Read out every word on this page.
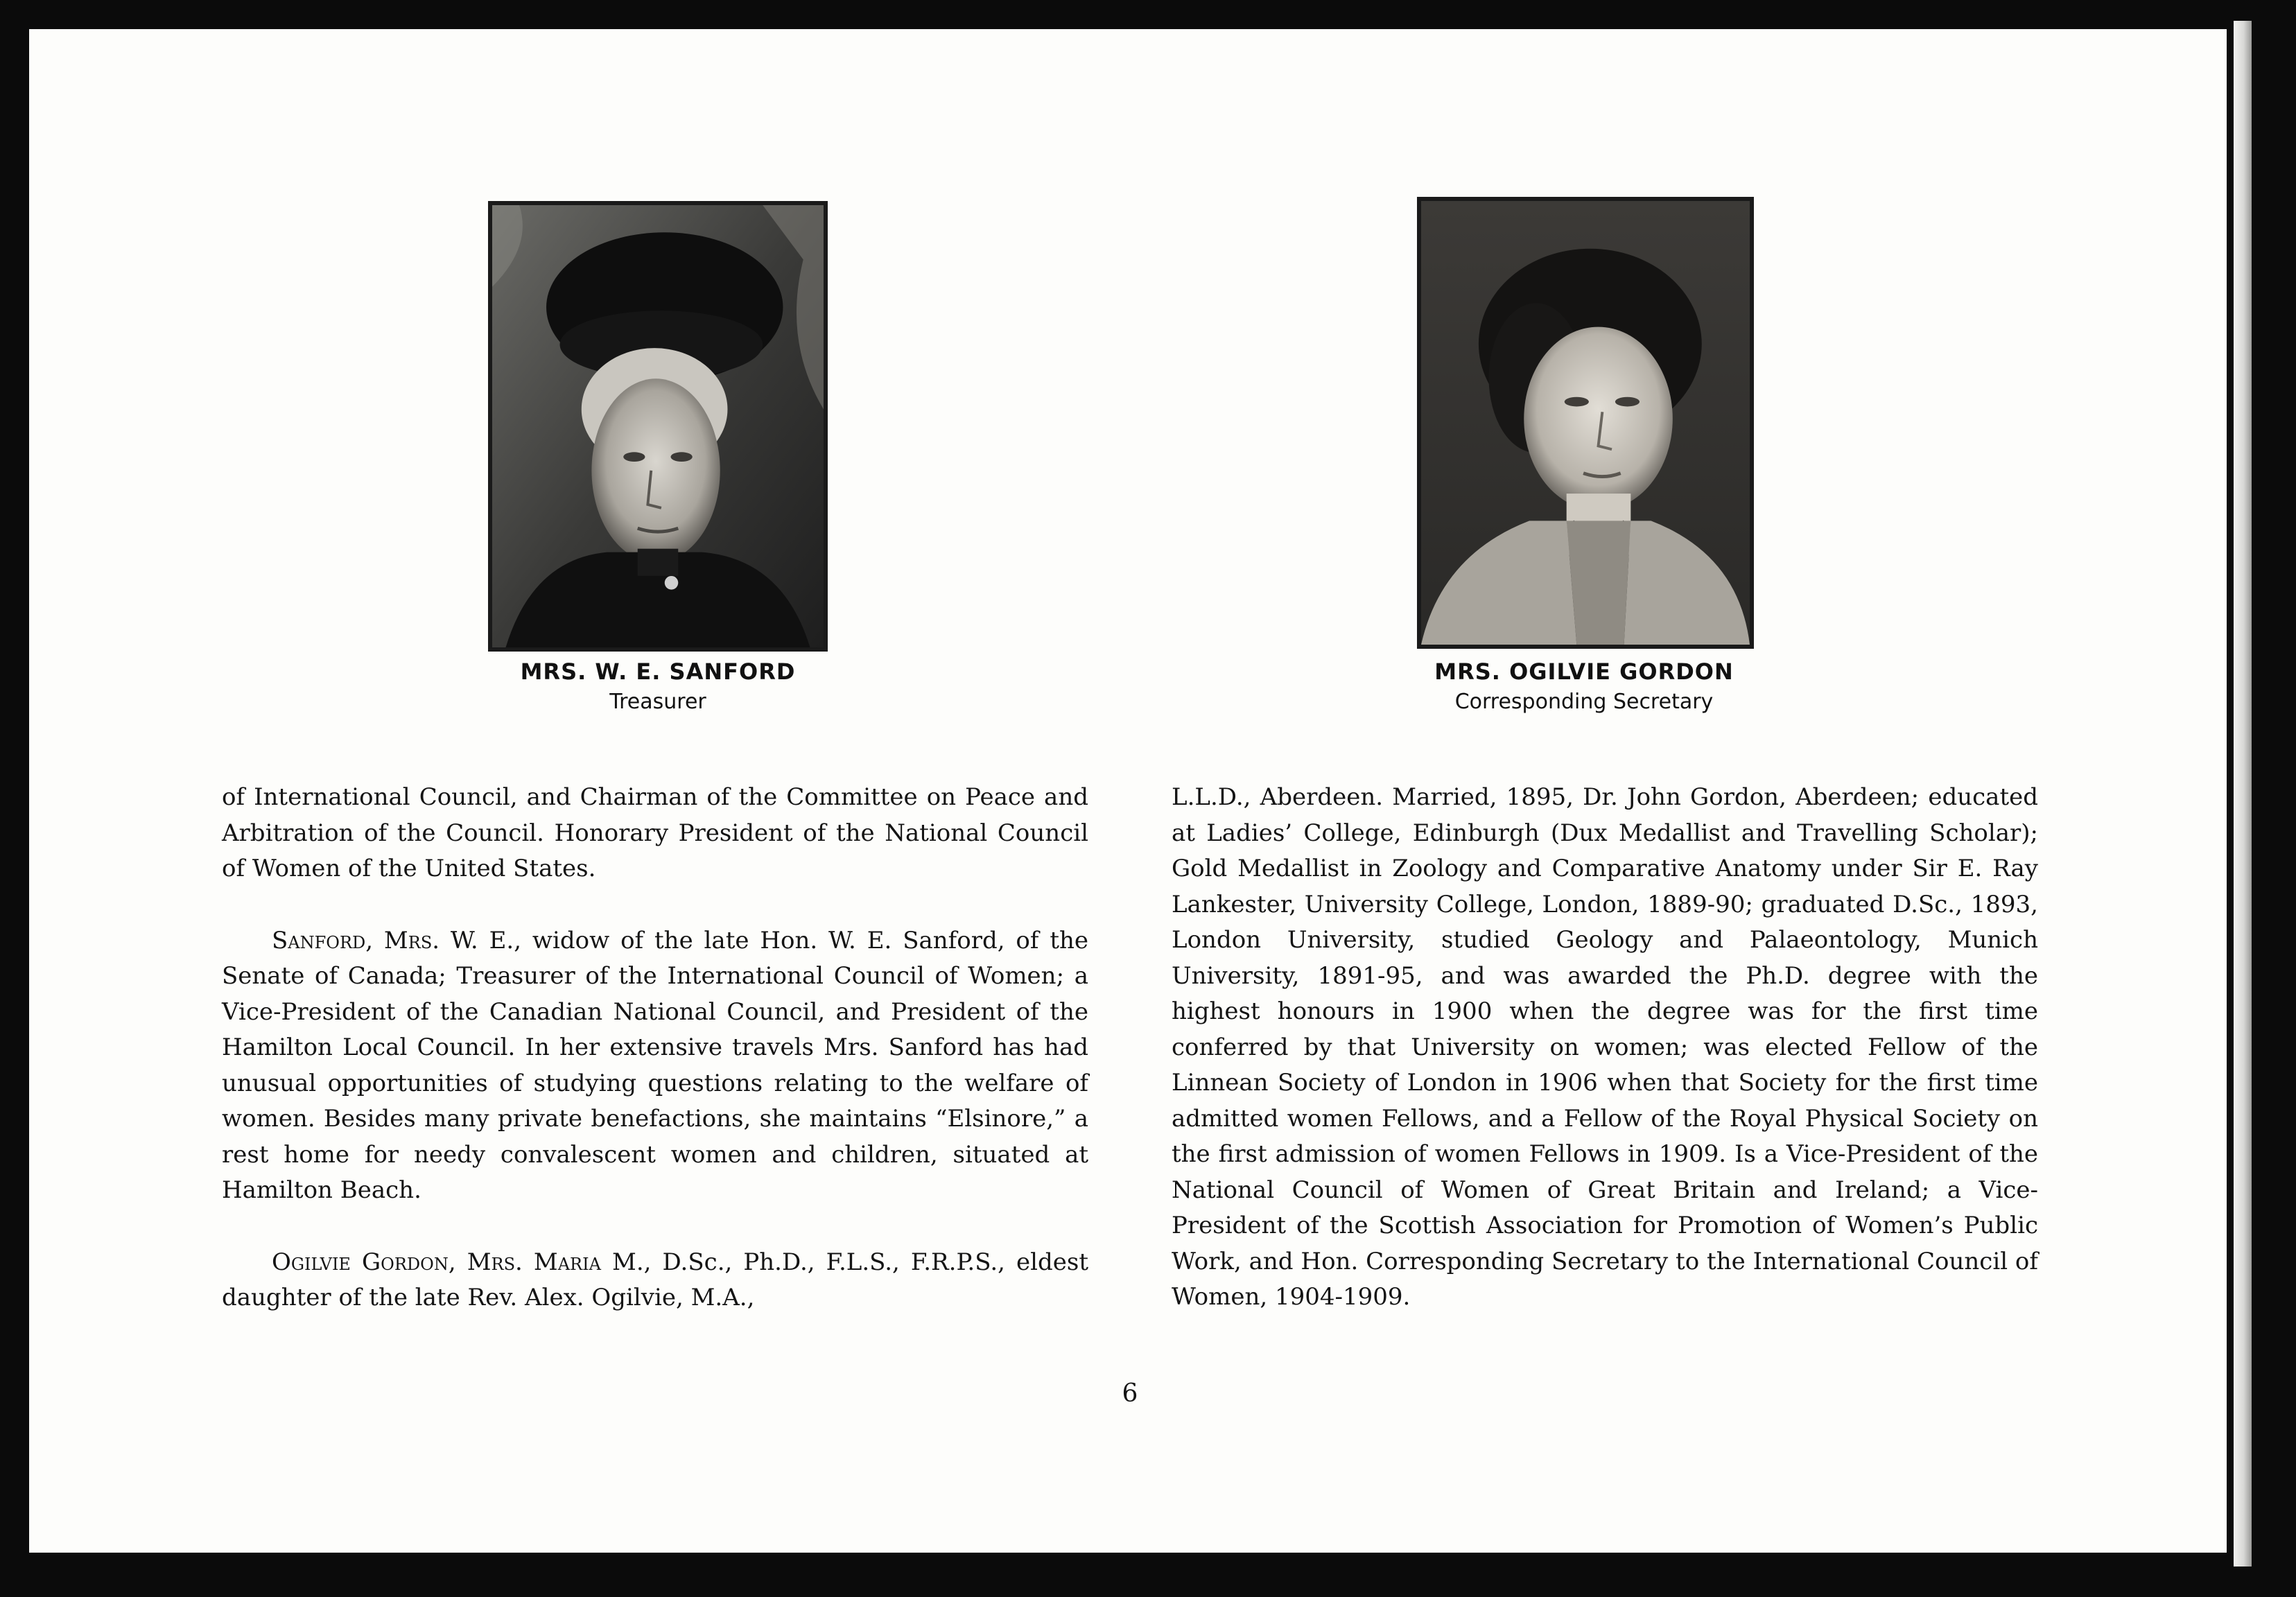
MRS. W. E. SANFORD
Treasurer
MRS. OGILVIE GORDON
Corresponding Secretary

of International Council, and Chairman of the Committee on Peace and Arbitration of the Council. Honorary President of the National Council of Women of the United States.

Sanford, Mrs. W. E., widow of the late Hon. W. E. Sanford, of the Senate of Canada; Treasurer of the International Council of Women; a Vice-President of the Canadian National Council, and President of the Hamilton Local Council. In her extensive travels Mrs. Sanford has had unusual opportunities of studying questions relating to the welfare of women. Besides many private benefactions, she maintains “Elsinore,” a rest home for needy convalescent women and children, situated at Hamilton Beach.

Ogilvie Gordon, Mrs. Maria M., D.Sc., Ph.D., F.L.S., F.R.P.S., eldest daughter of the late Rev. Alex. Ogilvie, M.A.,

L.L.D., Aberdeen. Married, 1895, Dr. John Gordon, Aberdeen; educated at Ladies’ College, Edinburgh (Dux Medallist and Travelling Scholar); Gold Medallist in Zoology and Comparative Anatomy under Sir E. Ray Lankester, University College, London, 1889-90; graduated D.Sc., 1893, London University, studied Geology and Palaeontology, Munich University, 1891-95, and was awarded the Ph.D. degree with the highest honours in 1900 when the degree was for the first time conferred by that University on women; was elected Fellow of the Linnean Society of London in 1906 when that Society for the first time admitted women Fellows, and a Fellow of the Royal Physical Society on the first admission of women Fellows in 1909. Is a Vice-President of the National Council of Women of Great Britain and Ireland; a Vice-President of the Scottish Association for Promotion of Women’s Public Work, and Hon. Corresponding Secretary to the International Council of Women, 1904-1909.

6
